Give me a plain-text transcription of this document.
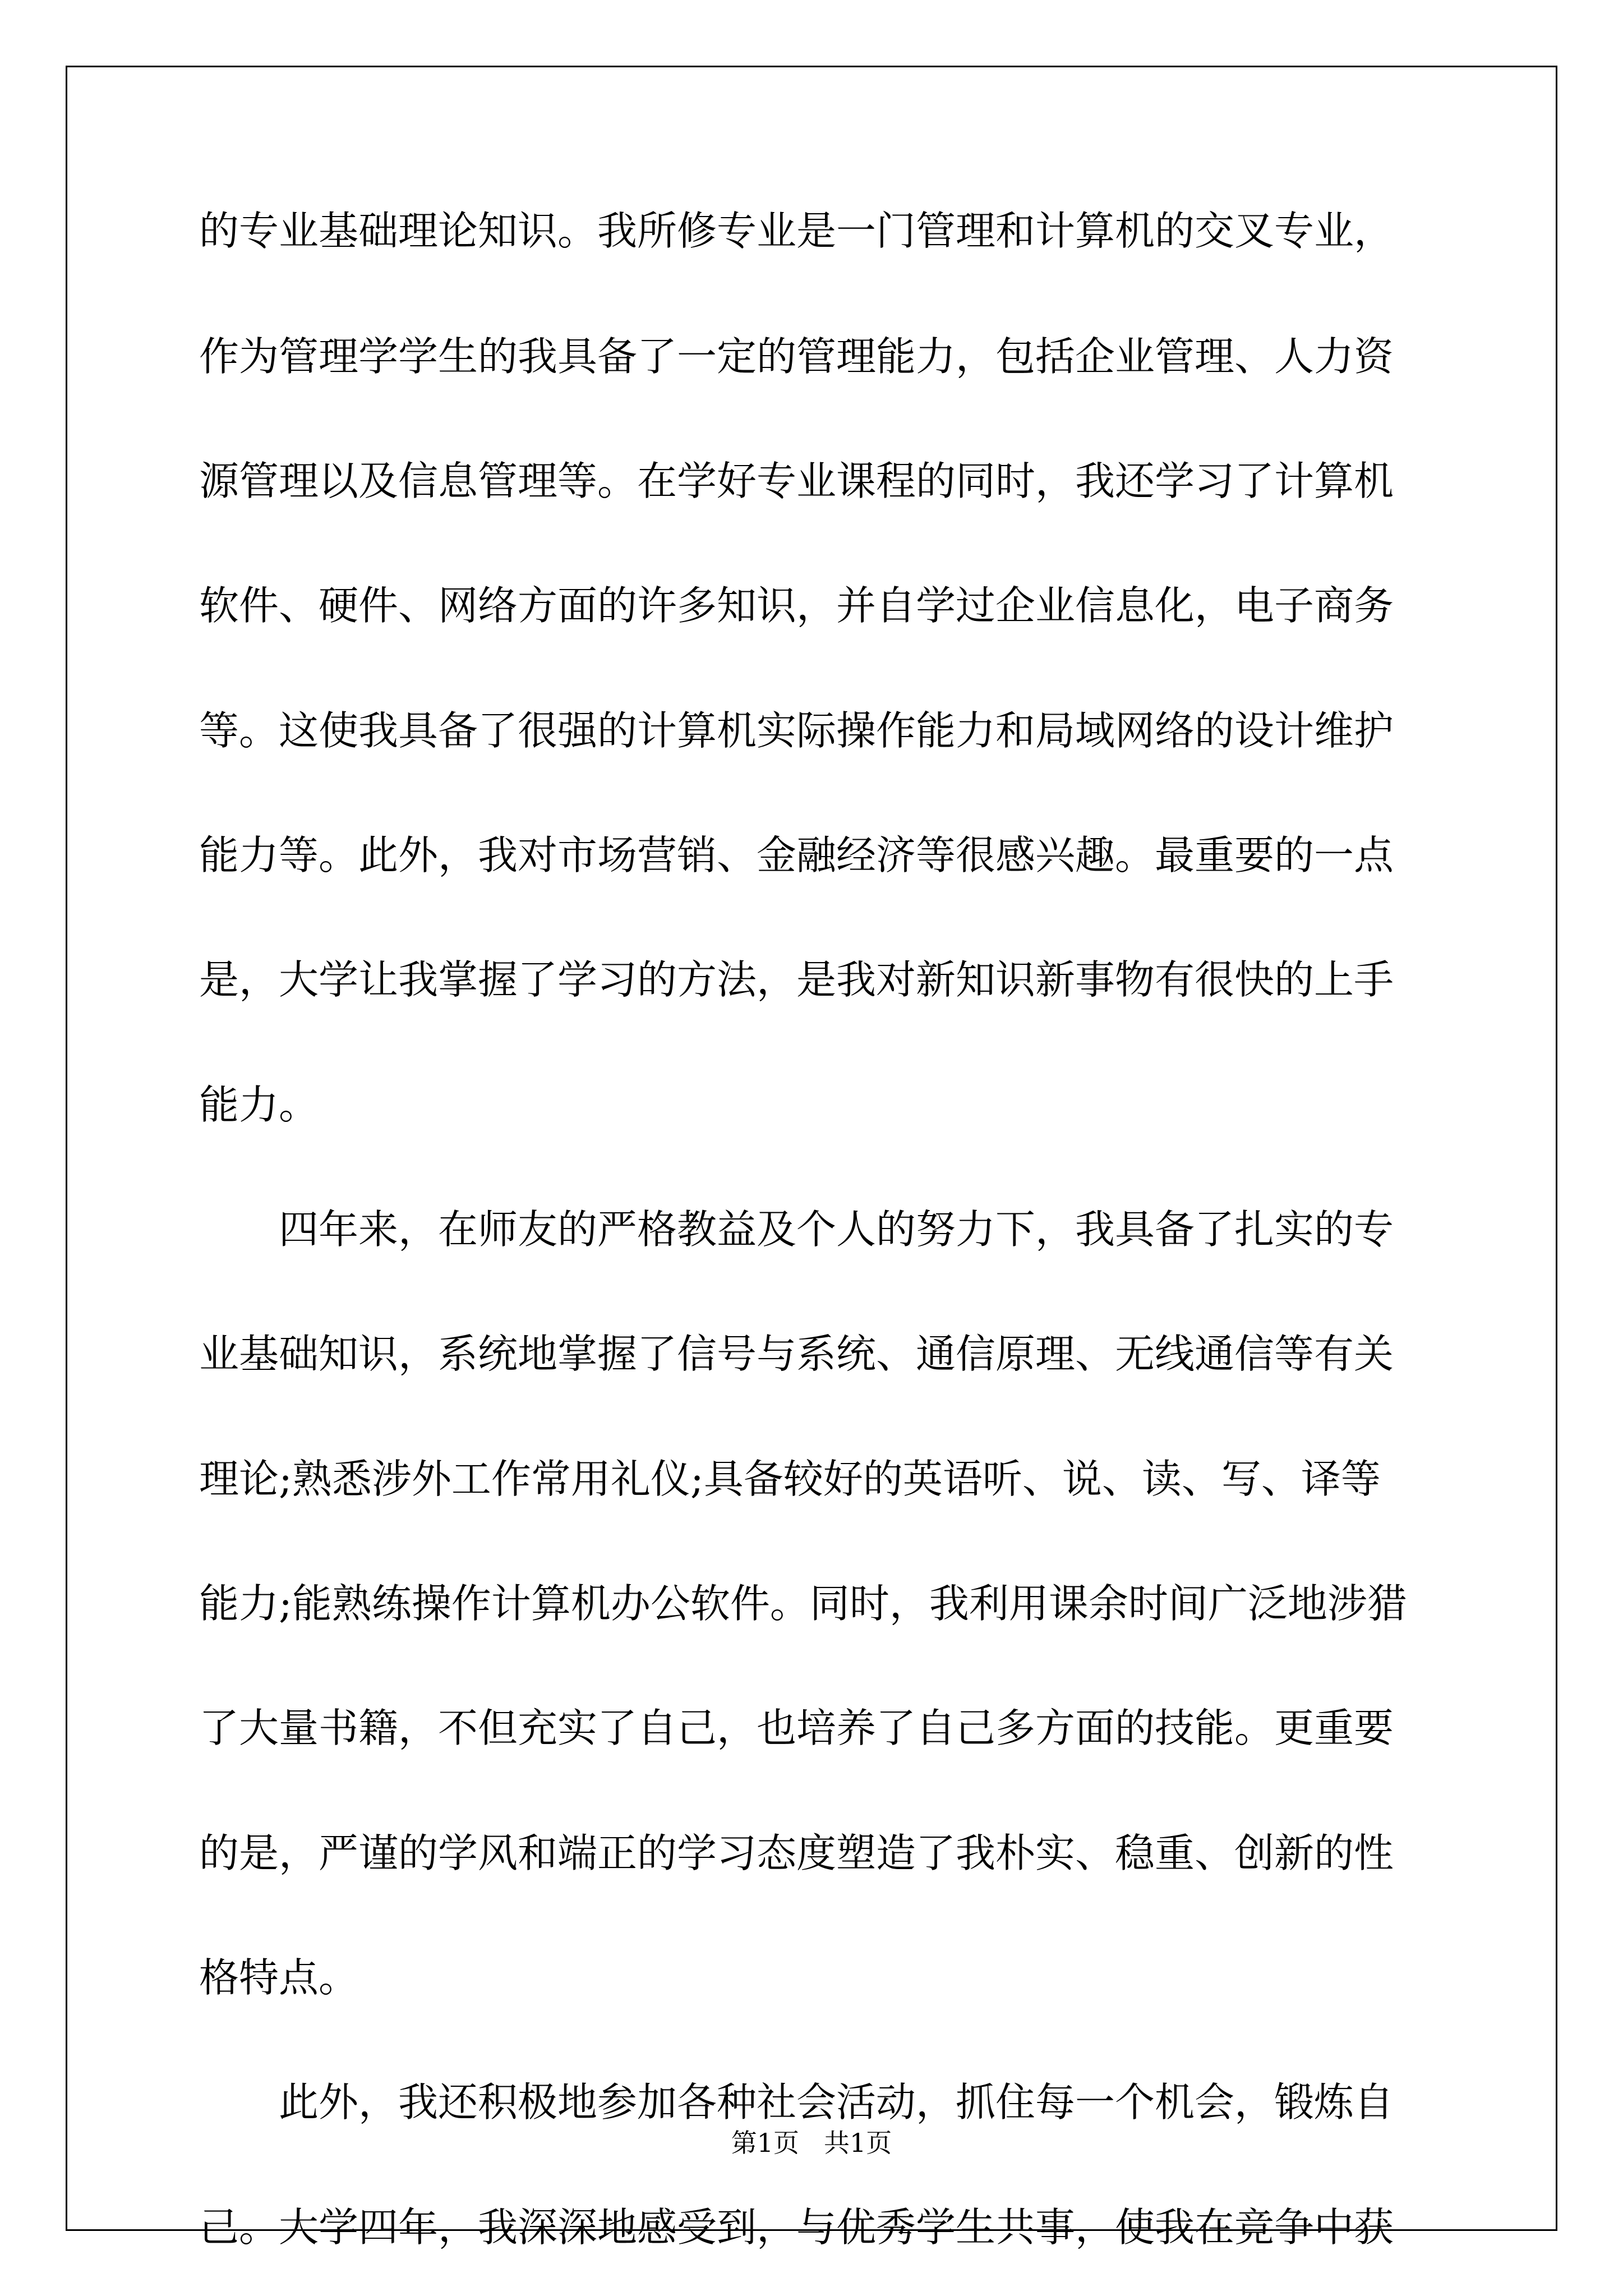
的专业基础理论知识。我所修专业是一门管理和计算机的交叉专业，
作为管理学学生的我具备了一定的管理能力，包括企业管理、人力资
源管理以及信息管理等。在学好专业课程的同时，我还学习了计算机
软件、硬件、网络方面的许多知识，并自学过企业信息化，电子商务
等。这使我具备了很强的计算机实际操作能力和局域网络的设计维护
能力等。此外，我对市场营销、金融经济等很感兴趣。最重要的一点
是，大学让我掌握了学习的方法，是我对新知识新事物有很快的上手
能力。
　　四年来，在师友的严格教益及个人的努力下，我具备了扎实的专
业基础知识，系统地掌握了信号与系统、通信原理、无线通信等有关
理论;熟悉涉外工作常用礼仪;具备较好的英语听、说、读、写、译等
能力;能熟练操作计算机办公软件。同时，我利用课余时间广泛地涉猎
了大量书籍，不但充实了自己，也培养了自己多方面的技能。更重要
的是，严谨的学风和端正的学习态度塑造了我朴实、稳重、创新的性
格特点。
　　此外，我还积极地参加各种社会活动，抓住每一个机会，锻炼自
己。大学四年，我深深地感受到，与优秀学生共事，使我在竞争中获
第1页 共1页
